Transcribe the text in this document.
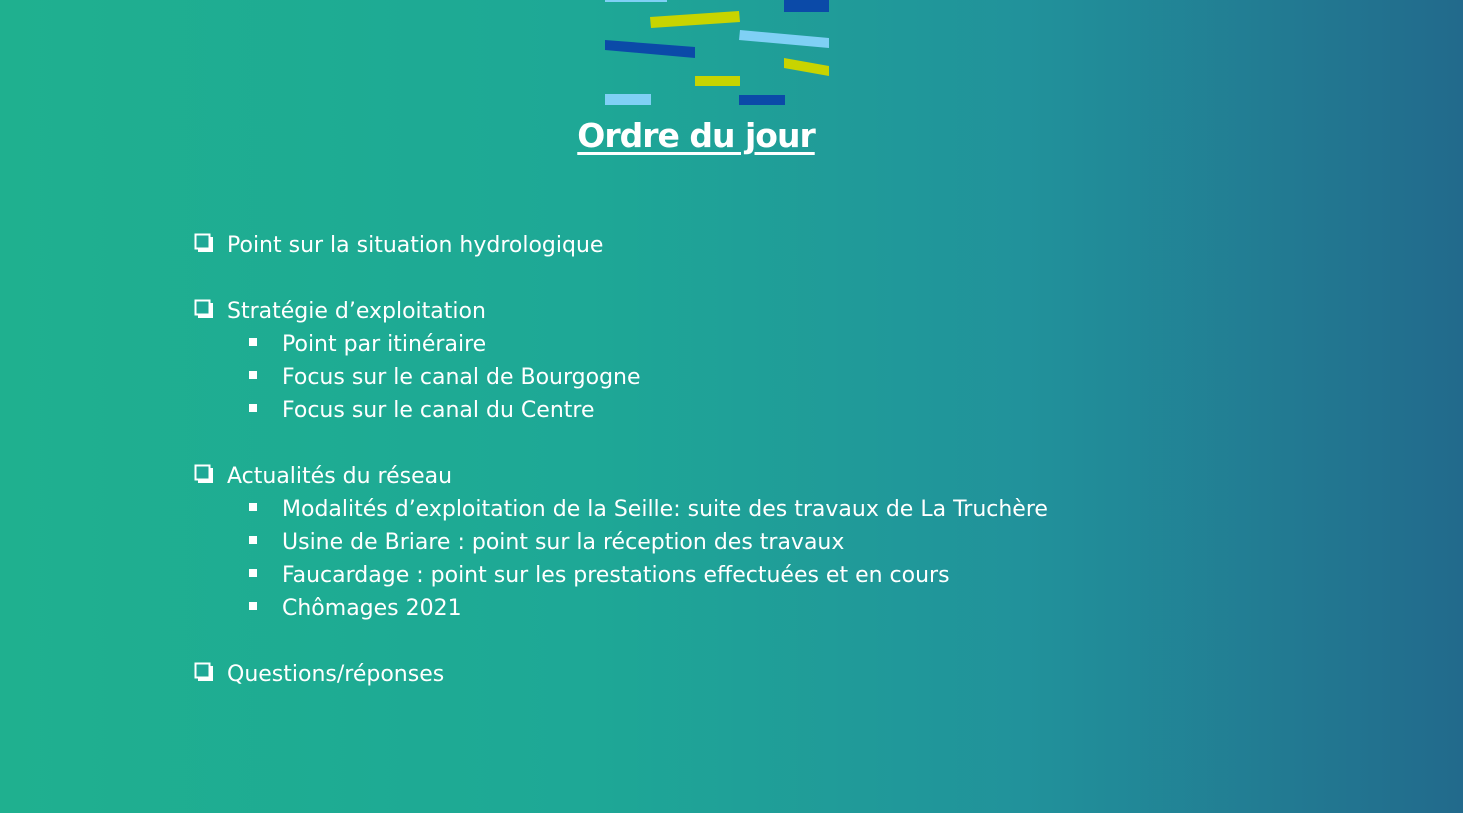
Ordre du jour
Point sur la situation hydrologique
Stratégie d’exploitation
Point par itinéraire
Focus sur le canal de Bourgogne
Focus sur le canal du Centre
Actualités du réseau
Modalités d’exploitation de la Seille: suite des travaux de La Truchère
Usine de Briare : point sur la réception des travaux
Faucardage : point sur les prestations effectuées et en cours
Chômages 2021
Questions/réponses
